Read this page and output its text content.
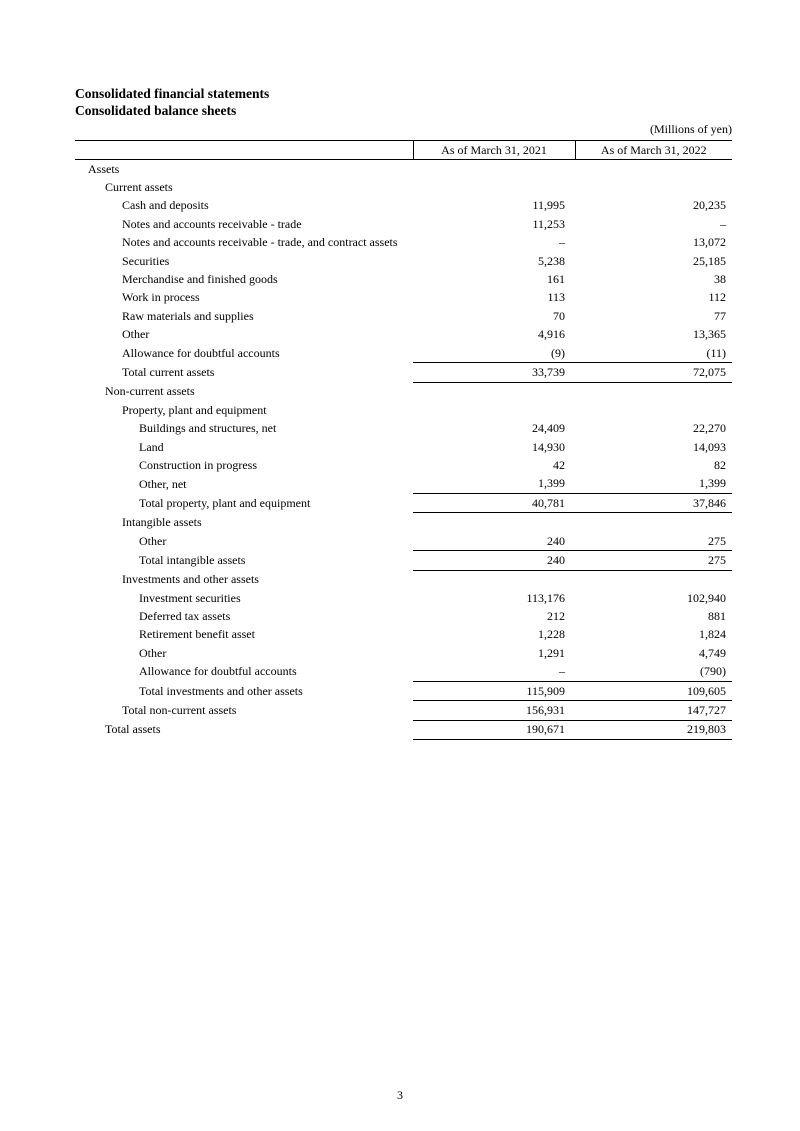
Consolidated financial statements
Consolidated balance sheets
(Millions of yen)
	As of March 31, 2021	As of March 31, 2022
Assets		
Current assets		
Cash and deposits	11,995	20,235
Notes and accounts receivable - trade	11,253	–
Notes and accounts receivable - trade, and contract assets	–	13,072
Securities	5,238	25,185
Merchandise and finished goods	161	38
Work in process	113	112
Raw materials and supplies	70	77
Other	4,916	13,365
Allowance for doubtful accounts	(9)	(11)
Total current assets	33,739	72,075
Non-current assets		
Property, plant and equipment		
Buildings and structures, net	24,409	22,270
Land	14,930	14,093
Construction in progress	42	82
Other, net	1,399	1,399
Total property, plant and equipment	40,781	37,846
Intangible assets		
Other	240	275
Total intangible assets	240	275
Investments and other assets		
Investment securities	113,176	102,940
Deferred tax assets	212	881
Retirement benefit asset	1,228	1,824
Other	1,291	4,749
Allowance for doubtful accounts	–	(790)
Total investments and other assets	115,909	109,605
Total non-current assets	156,931	147,727
Total assets	190,671	219,803
3
